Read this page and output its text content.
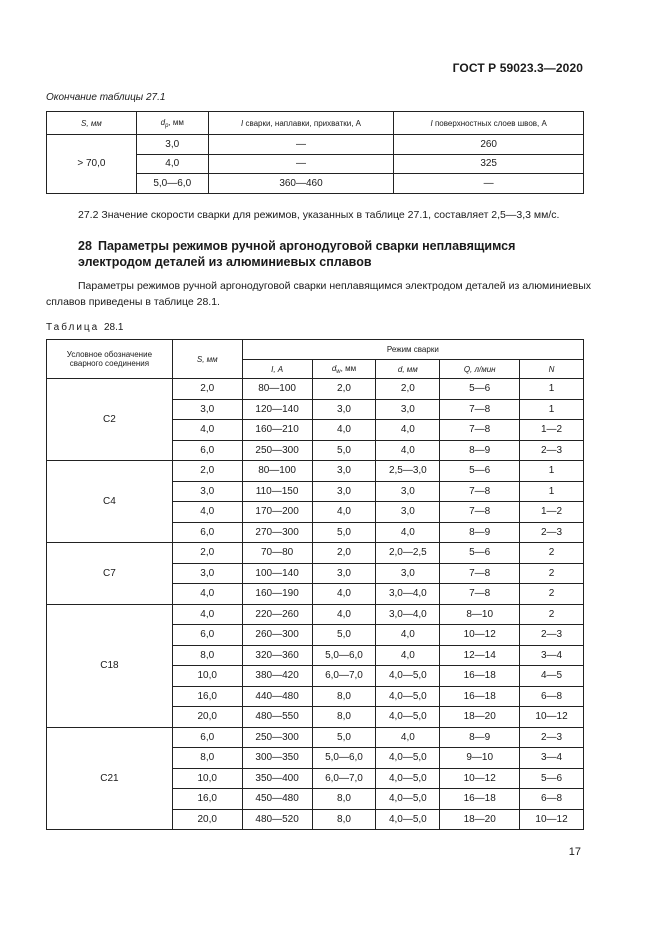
ГОСТ Р 59023.3—2020
Окончание таблицы 27.1
S, мм	$d_p$, мм	I сварки, наплавки, прихватки, А	I поверхностных слоев швов, А
> 70,0	3,0	—	260
	4,0	—	325
	5,0—6,0	360—460	—
27.2 Значение скорости сварки для режимов, указанных в таблице 27.1, составляет 2,5—3,3 мм/с.
28 Параметры режимов ручной аргонодуговой сварки неплавящимся
электродом деталей из алюминиевых сплавов

Параметры режимов ручной аргонодуговой сварки неплавящимся электродом деталей из алюминиевых сплавов приведены в таблице 28.1.

Таблица 28.1
Условное обозначение
сварного соединения	S, мм	Режим сварки				
		I, А	$d_w$, мм	d, мм	Q, л/мин	N
С2	2,0	80—100	2,0	2,0	5—6	1
	3,0	120—140	3,0	3,0	7—8	1
	4,0	160—210	4,0	4,0	7—8	1—2
	6,0	250—300	5,0	4,0	8—9	2—3
С4	2,0	80—100	3,0	2,5—3,0	5—6	1
	3,0	110—150	3,0	3,0	7—8	1
	4,0	170—200	4,0	3,0	7—8	1—2
	6,0	270—300	5,0	4,0	8—9	2—3
С7	2,0	70—80	2,0	2,0—2,5	5—6	2
	3,0	100—140	3,0	3,0	7—8	2
	4,0	160—190	4,0	3,0—4,0	7—8	2
С18	4,0	220—260	4,0	3,0—4,0	8—10	2
	6,0	260—300	5,0	4,0	10—12	2—3
	8,0	320—360	5,0—6,0	4,0	12—14	3—4
	10,0	380—420	6,0—7,0	4,0—5,0	16—18	4—5
	16,0	440—480	8,0	4,0—5,0	16—18	6—8
	20,0	480—550	8,0	4,0—5,0	18—20	10—12
С21	6,0	250—300	5,0	4,0	8—9	2—3
	8,0	300—350	5,0—6,0	4,0—5,0	9—10	3—4
	10,0	350—400	6,0—7,0	4,0—5,0	10—12	5—6
	16,0	450—480	8,0	4,0—5,0	16—18	6—8
	20,0	480—520	8,0	4,0—5,0	18—20	10—12
17
